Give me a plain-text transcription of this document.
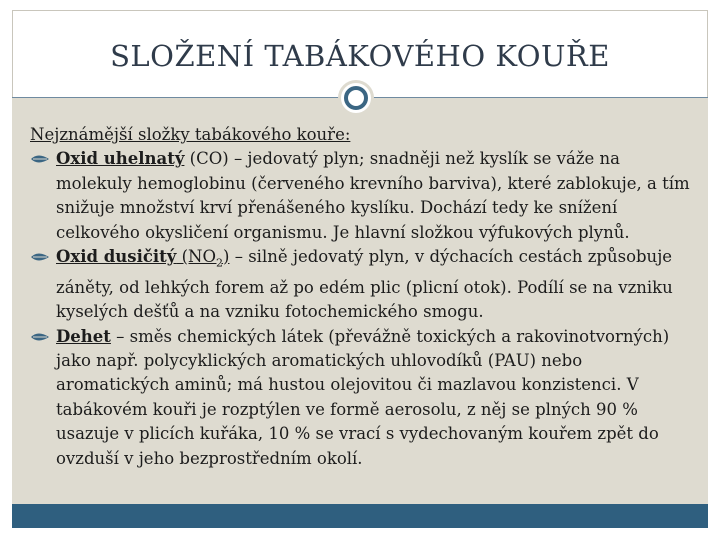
SLOŽENÍ TABÁKOVÉHO KOUŘE

Nejznámější složky tabákového kouře:

Oxid uhelnatý (CO) – jedovatý plyn; snadněji než kyslík se váže na molekuly hemoglobinu (červeného krevního barviva), které zablokuje, a tím snižuje množství krví přenášeného kyslíku. Dochází tedy ke snížení celkového okysličení organismu. Je hlavní složkou výfukových plynů.

Oxid dusičitý $(NO_2)$ – silně jedovatý plyn, v dýchacích cestách způsobuje záněty, od lehkých forem až po edém plic (plicní otok). Podílí se na vzniku kyselých dešťů a na vzniku fotochemického smogu.

Dehet – směs chemických látek (převážně toxických a rakovinotvorných) jako např. polycyklických aromatických uhlovodíků (PAU) nebo aromatických aminů; má hustou olejovitou či mazlavou konzistenci. V tabákovém kouři je rozptýlen ve formě aerosolu, z něj se plných 90 % usazuje v plicích kuřáka, 10 % se vrací s vydechovaným kouřem zpět do ovzduší v jeho bezprostředním okolí.
